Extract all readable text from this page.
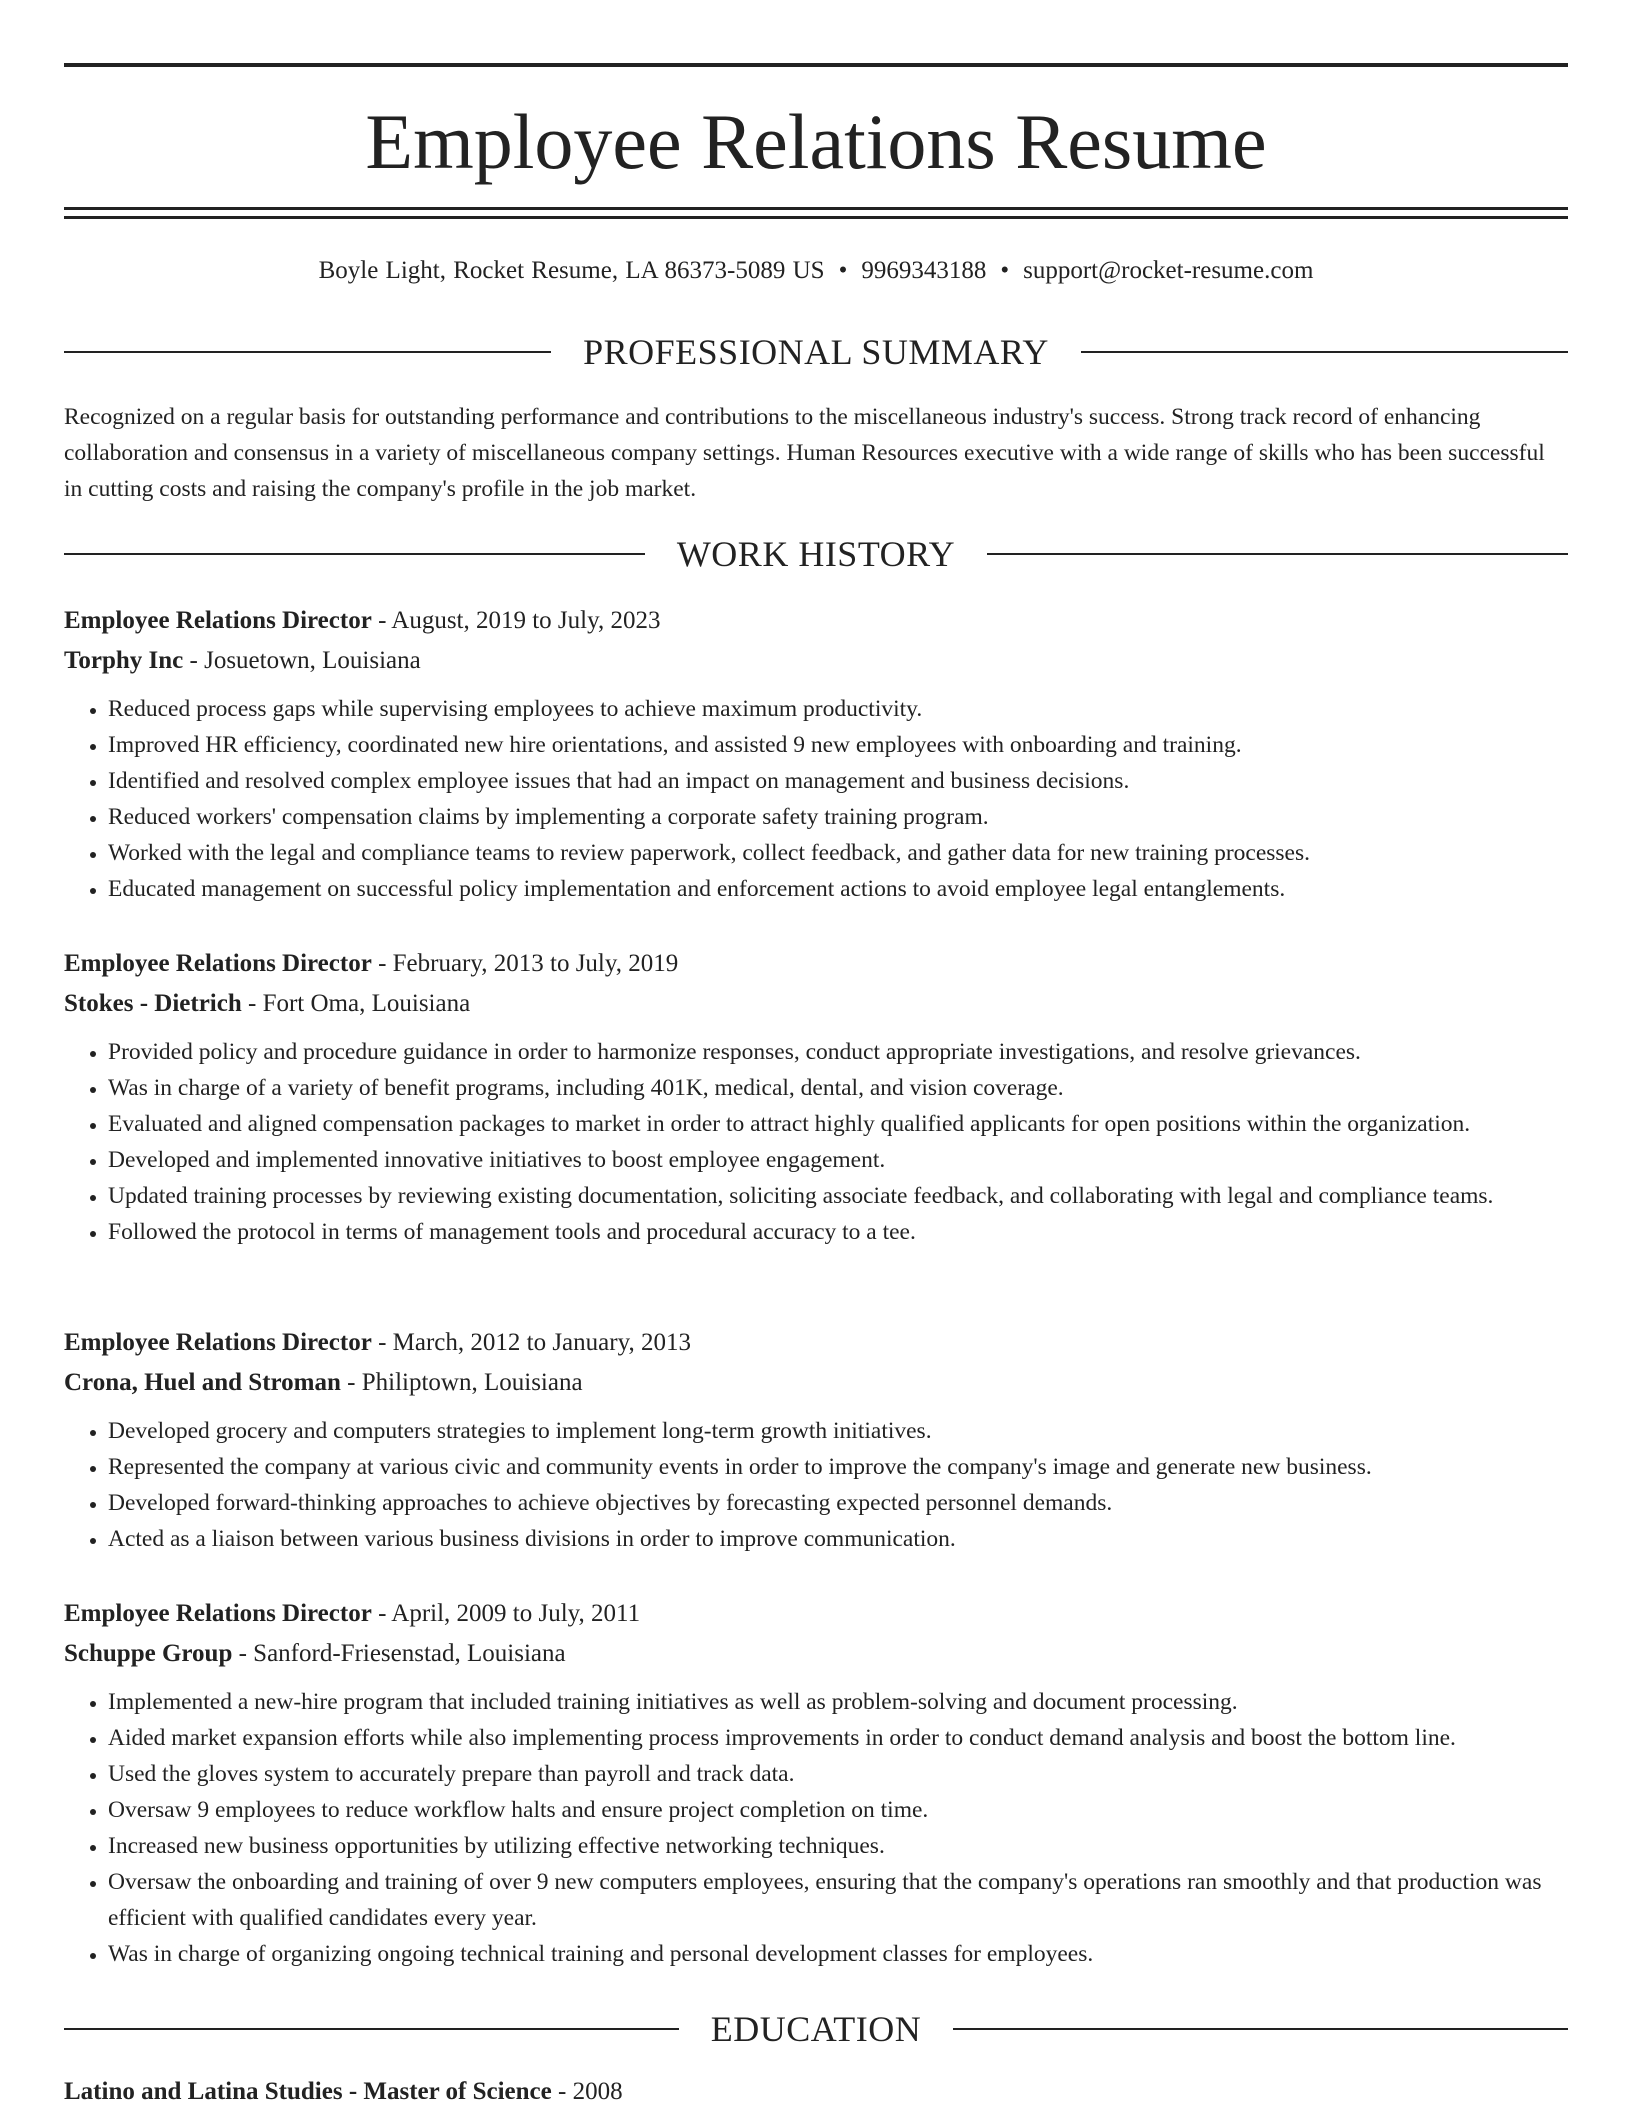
Employee Relations Resume
Boyle Light, Rocket Resume, LA 86373-5089 US • 9969343188 • support@rocket-resume.com
PROFESSIONAL SUMMARY
Recognized on a regular basis for outstanding performance and contributions to the miscellaneous industry's success. Strong track record of enhancing collaboration and consensus in a variety of miscellaneous company settings. Human Resources executive with a wide range of skills who has been successful in cutting costs and raising the company's profile in the job market.
WORK HISTORY
Employee Relations Director - August, 2019 to July, 2023
Torphy Inc - Josuetown, Louisiana
• Reduced process gaps while supervising employees to achieve maximum productivity.
• Improved HR efficiency, coordinated new hire orientations, and assisted 9 new employees with onboarding and training.
• Identified and resolved complex employee issues that had an impact on management and business decisions.
• Reduced workers' compensation claims by implementing a corporate safety training program.
• Worked with the legal and compliance teams to review paperwork, collect feedback, and gather data for new training processes.
• Educated management on successful policy implementation and enforcement actions to avoid employee legal entanglements.
Employee Relations Director - February, 2013 to July, 2019
Stokes - Dietrich - Fort Oma, Louisiana
• Provided policy and procedure guidance in order to harmonize responses, conduct appropriate investigations, and resolve grievances.
• Was in charge of a variety of benefit programs, including 401K, medical, dental, and vision coverage.
• Evaluated and aligned compensation packages to market in order to attract highly qualified applicants for open positions within the organization.
• Developed and implemented innovative initiatives to boost employee engagement.
• Updated training processes by reviewing existing documentation, soliciting associate feedback, and collaborating with legal and compliance teams.
• Followed the protocol in terms of management tools and procedural accuracy to a tee.
Employee Relations Director - March, 2012 to January, 2013
Crona, Huel and Stroman - Philiptown, Louisiana
• Developed grocery and computers strategies to implement long-term growth initiatives.
• Represented the company at various civic and community events in order to improve the company's image and generate new business.
• Developed forward-thinking approaches to achieve objectives by forecasting expected personnel demands.
• Acted as a liaison between various business divisions in order to improve communication.
Employee Relations Director - April, 2009 to July, 2011
Schuppe Group - Sanford-Friesenstad, Louisiana
• Implemented a new-hire program that included training initiatives as well as problem-solving and document processing.
• Aided market expansion efforts while also implementing process improvements in order to conduct demand analysis and boost the bottom line.
• Used the gloves system to accurately prepare than payroll and track data.
• Oversaw 9 employees to reduce workflow halts and ensure project completion on time.
• Increased new business opportunities by utilizing effective networking techniques.
• Oversaw the onboarding and training of over 9 new computers employees, ensuring that the company's operations ran smoothly and that production was efficient with qualified candidates every year.
• Was in charge of organizing ongoing technical training and personal development classes for employees.
EDUCATION
Latino and Latina Studies - Master of Science - 2008
